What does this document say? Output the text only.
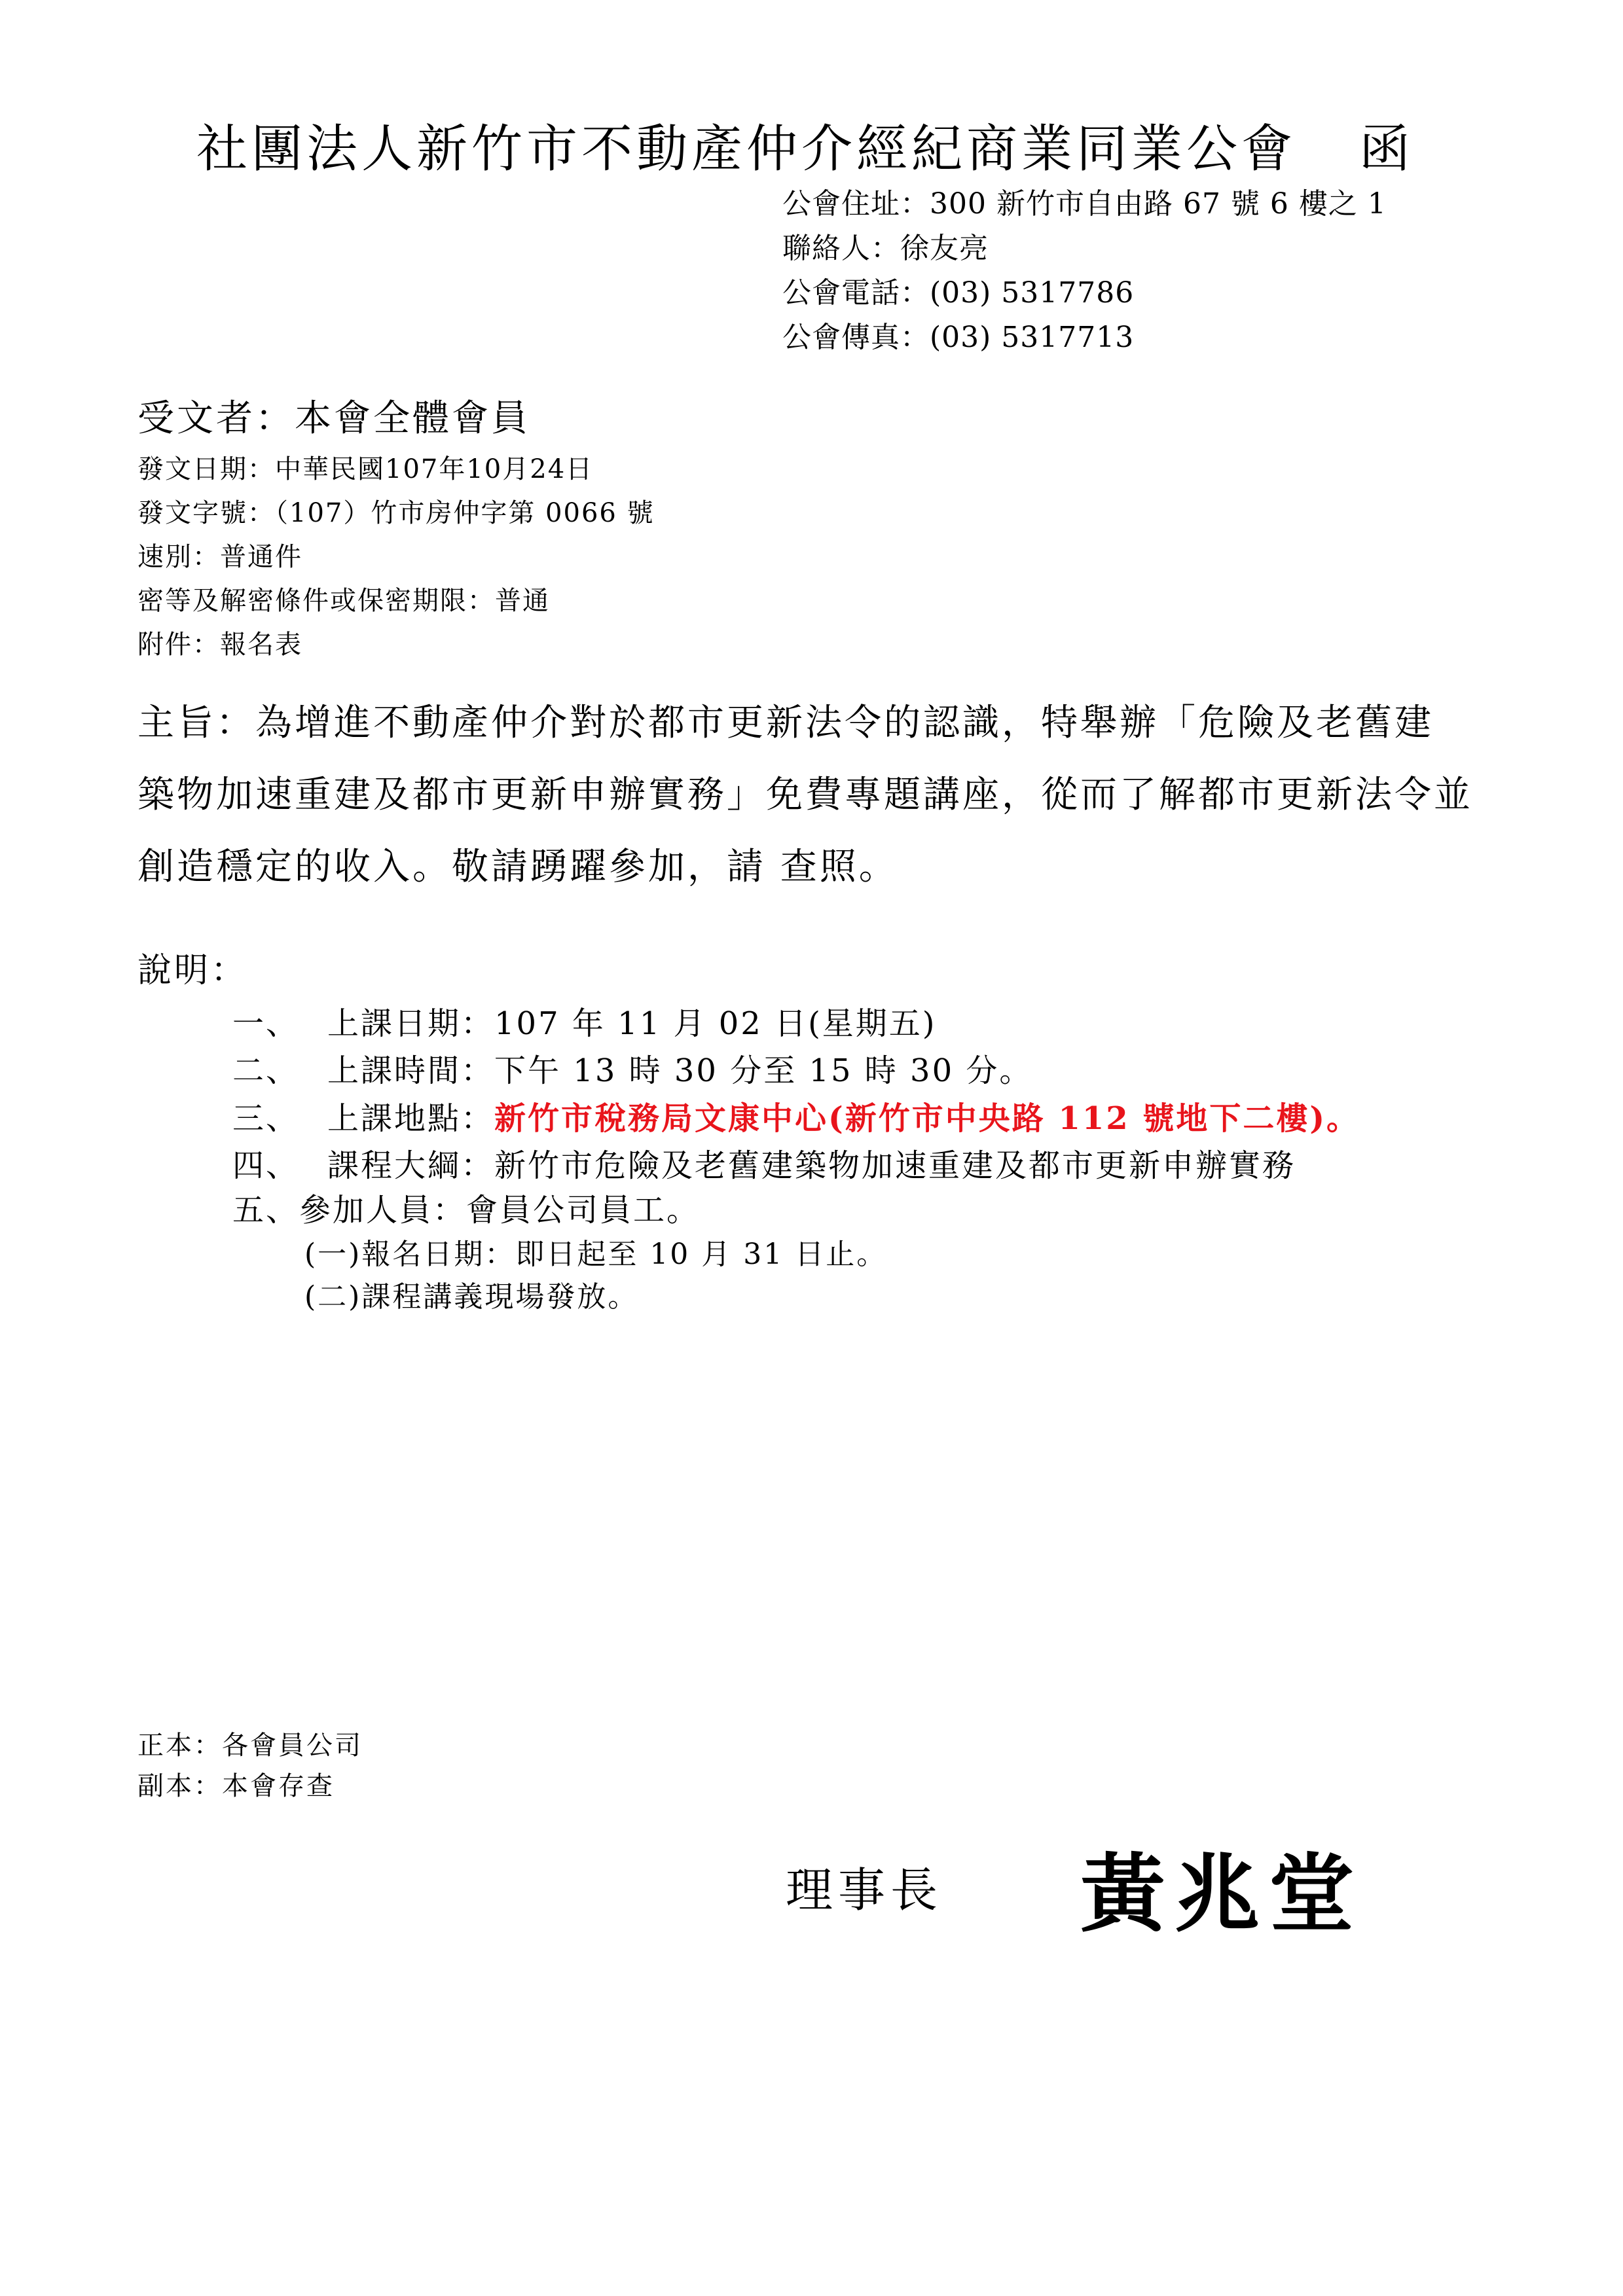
社團法人新竹市不動產仲介經紀商業同業公會 函
公會住址：300 新竹市自由路 67 號 6 樓之 1
聯絡人：徐友亮
公會電話：(03) 5317786
公會傳真：(03) 5317713
受文者：本會全體會員
發文日期：中華民國107年10月24日
發文字號：（107）竹市房仲字第 0066 號
速別：普通件
密等及解密條件或保密期限：普通
附件：報名表
主旨：為增進不動產仲介對於都市更新法令的認識，特舉辦「危險及老舊建
築物加速重建及都市更新申辦實務」免費專題講座，從而了解都市更新法令並
創造穩定的收入。敬請踴躍參加，請 查照。
說明：
一、 上課日期：107 年 11 月 02 日(星期五)
二、 上課時間：下午 13 時 30 分至 15 時 30 分。
三、 上課地點：新竹市稅務局文康中心(新竹市中央路 112 號地下二樓)。
四、 課程大綱：新竹市危險及老舊建築物加速重建及都市更新申辦實務
五、參加人員：會員公司員工。
(一)報名日期：即日起至 10 月 31 日止。
(二)課程講義現場發放。
正本：各會員公司
副本：本會存查
理事長 黃兆堂
